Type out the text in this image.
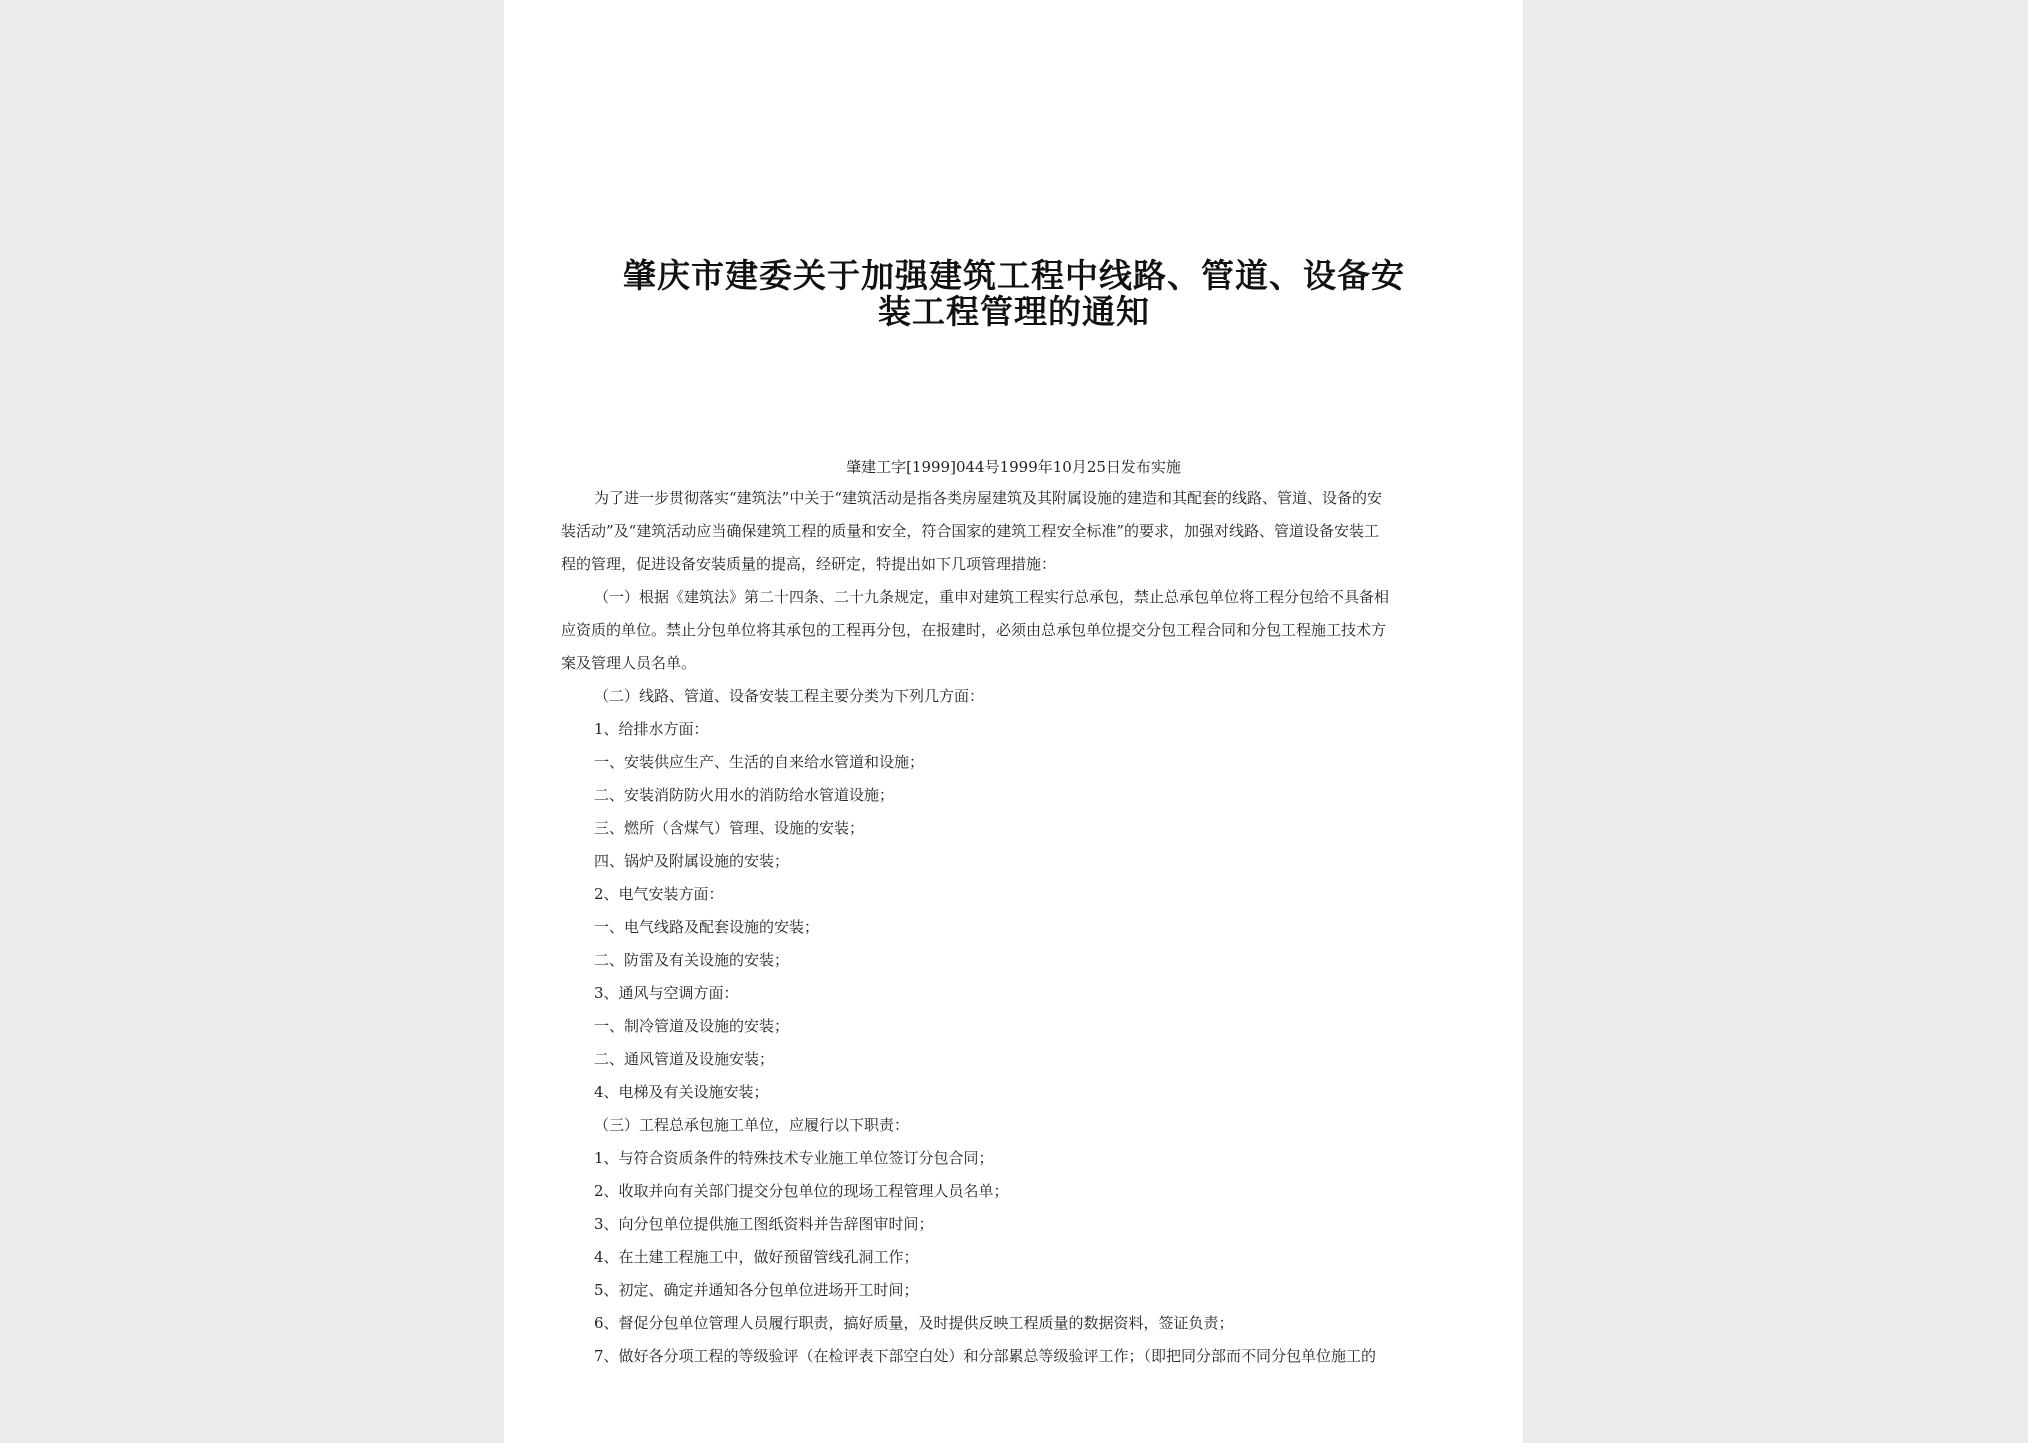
肇庆市建委关于加强建筑工程中线路、管道、设备安
装工程管理的通知
肇建工字[1999]044号1999年10月25日发布实施
为了进一步贯彻落实“建筑法”中关于“建筑活动是指各类房屋建筑及其附属设施的建造和其配套的线路、管道、设备的安
装活动”及“建筑活动应当确保建筑工程的质量和安全，符合国家的建筑工程安全标准”的要求，加强对线路、管道设备安装工
程的管理，促进设备安装质量的提高，经研定，特提出如下几项管理措施：
（一）根据《建筑法》第二十四条、二十九条规定，重申对建筑工程实行总承包，禁止总承包单位将工程分包给不具备相
应资质的单位。禁止分包单位将其承包的工程再分包，在报建时，必须由总承包单位提交分包工程合同和分包工程施工技术方
案及管理人员名单。
（二）线路、管道、设备安装工程主要分类为下列几方面：
1、给排水方面：
一、安装供应生产、生活的自来给水管道和设施；
二、安装消防防火用水的消防给水管道设施；
三、燃所（含煤气）管理、设施的安装；
四、锅炉及附属设施的安装；
2、电气安装方面：
一、电气线路及配套设施的安装；
二、防雷及有关设施的安装；
3、通风与空调方面：
一、制冷管道及设施的安装；
二、通风管道及设施安装；
4、电梯及有关设施安装；
（三）工程总承包施工单位，应履行以下职责：
1、与符合资质条件的特殊技术专业施工单位签订分包合同；
2、收取并向有关部门提交分包单位的现场工程管理人员名单；
3、向分包单位提供施工图纸资料并告辞图审时间；
4、在土建工程施工中，做好预留管线孔洞工作；
5、初定、确定并通知各分包单位进场开工时间；
6、督促分包单位管理人员履行职责，搞好质量，及时提供反映工程质量的数据资料，签证负责；
7、做好各分项工程的等级验评（在检评表下部空白处）和分部累总等级验评工作；（即把同分部而不同分包单位施工的
